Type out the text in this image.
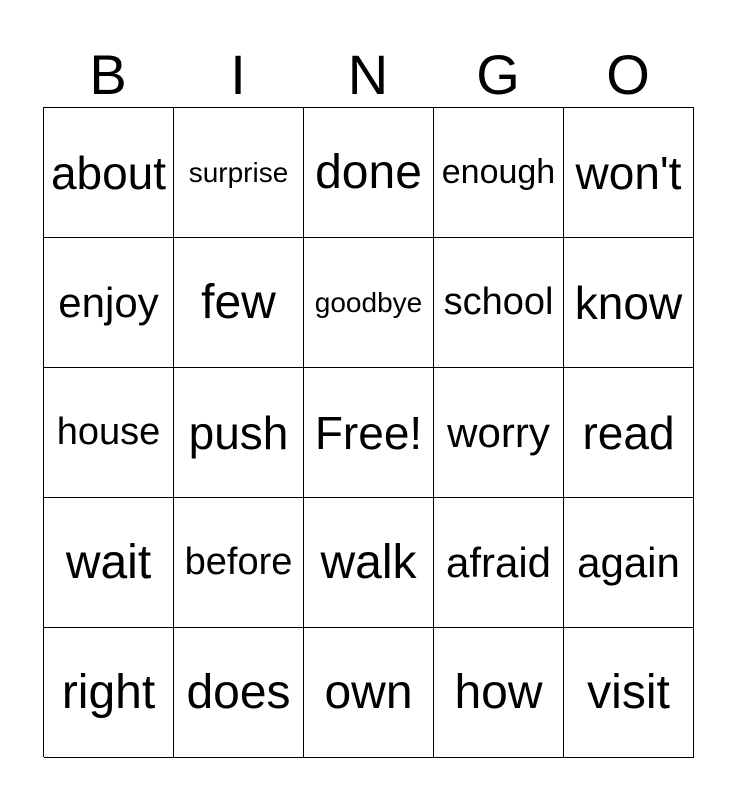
B	I	N	G	O
about surprise done enough won't
enjoy few	goodbye school know
house push Free! worry read
wait before walk afraid again
right does own how visit
